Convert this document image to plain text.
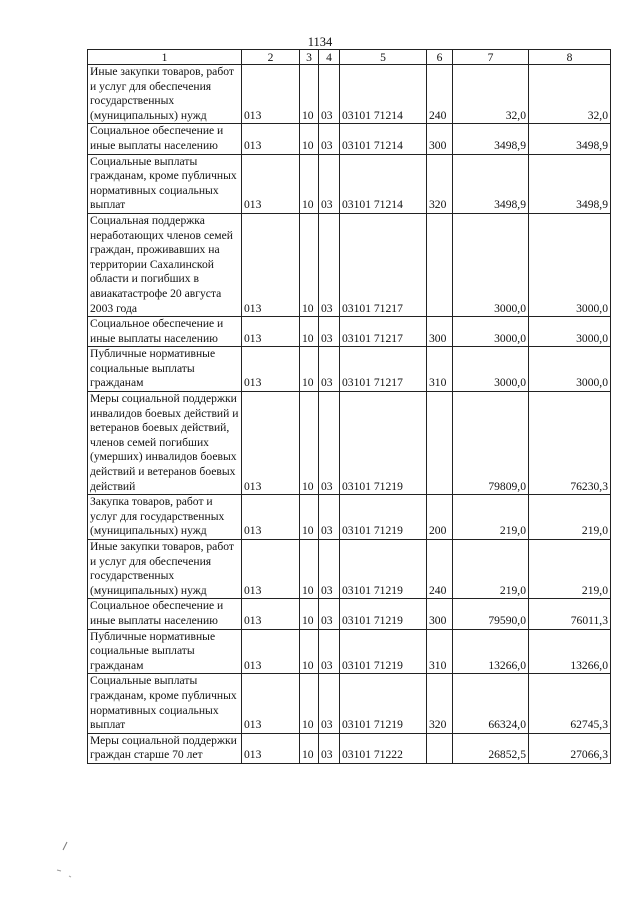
1134
1	2	3	4	5	6	7	8
Иные закупки товаров, работ и услуг для обеспечения государственных (муниципальных) нужд	013	10	03	03101 71214	240	32,0	32,0
Социальное обеспечение и иные выплаты населению	013	10	03	03101 71214	300	3498,9	3498,9
Социальные выплаты гражданам, кроме публичных нормативных социальных выплат	013	10	03	03101 71214	320	3498,9	3498,9
Социальная поддержка неработающих членов семей граждан, проживавших на территории Сахалинской области и погибших в авиакатастрофе 20 августа 2003 года	013	10	03	03101 71217		3000,0	3000,0
Социальное обеспечение и иные выплаты населению	013	10	03	03101 71217	300	3000,0	3000,0
Публичные нормативные социальные выплаты гражданам	013	10	03	03101 71217	310	3000,0	3000,0
Меры социальной поддержки инвалидов боевых действий и ветеранов боевых действий, членов семей погибших (умерших) инвалидов боевых действий и ветеранов боевых действий	013	10	03	03101 71219		79809,0	76230,3
Закупка товаров, работ и услуг для государственных (муниципальных) нужд	013	10	03	03101 71219	200	219,0	219,0
Иные закупки товаров, работ и услуг для обеспечения государственных (муниципальных) нужд	013	10	03	03101 71219	240	219,0	219,0
Социальное обеспечение и иные выплаты населению	013	10	03	03101 71219	300	79590,0	76011,3
Публичные нормативные социальные выплаты гражданам	013	10	03	03101 71219	310	13266,0	13266,0
Социальные выплаты гражданам, кроме публичных нормативных социальных выплат	013	10	03	03101 71219	320	66324,0	62745,3
Меры социальной поддержки граждан старше 70 лет	013	10	03	03101 71222		26852,5	27066,3
